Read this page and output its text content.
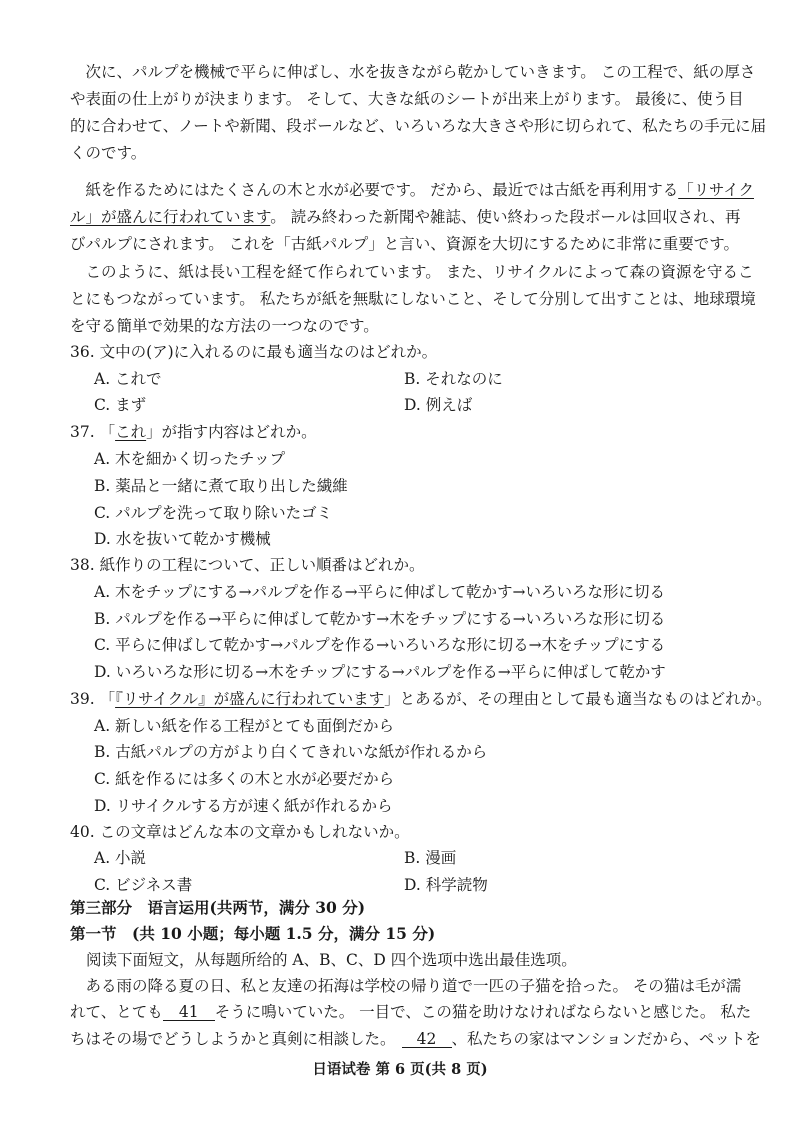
　次に、パルプを機械で平らに伸ばし、水を抜きながら乾かしていきます。 この工程で、紙の厚さ
や表面の仕上がりが決まります。 そして、大きな紙のシートが出来上がります。 最後に、使う目
的に合わせて、ノートや新聞、段ボールなど、いろいろな大きさや形に切られて、私たちの手元に届
くのです。
　紙を作るためにはたくさんの木と水が必要です。 だから、最近では古紙を再利用する「リサイク
ル」が盛んに行われています。 読み終わった新聞や雑誌、使い終わった段ボールは回収され、再
びパルプにされます。 これを「古紙パルプ」と言い、資源を大切にするために非常に重要です。
　このように、紙は長い工程を経て作られています。 また、リサイクルによって森の資源を守るこ
とにもつながっています。 私たちが紙を無駄にしないこと、そして分別して出すことは、地球環境
を守る簡単で効果的な方法の一つなのです。
36. 文中の(ア)に入れるのに最も適当なのはどれか。
A. これで	B. それなのに
C. まず	D. 例えば
37. 「これ」が指す内容はどれか。
A. 木を細かく切ったチップ
B. 薬品と一緒に煮て取り出した繊維
C. パルプを洗って取り除いたゴミ
D. 水を抜いて乾かす機械
38. 紙作りの工程について、正しい順番はどれか。
A. 木をチップにする→パルプを作る→平らに伸ばして乾かす→いろいろな形に切る
B. パルプを作る→平らに伸ばして乾かす→木をチップにする→いろいろな形に切る
C. 平らに伸ばして乾かす→パルプを作る→いろいろな形に切る→木をチップにする
D. いろいろな形に切る→木をチップにする→パルプを作る→平らに伸ばして乾かす
39. 「『リサイクル』が盛んに行われています」とあるが、その理由として最も適当なものはどれか。
A. 新しい紙を作る工程がとても面倒だから
B. 古紙パルプの方がより白くてきれいな紙が作れるから
C. 紙を作るには多くの木と水が必要だから
D. リサイクルする方が速く紙が作れるから
40. この文章はどんな本の文章かもしれないか。
A. 小説	B. 漫画
C. ビジネス書	D. 科学読物
第三部分　语言运用(共两节，满分 30 分)
第一节　(共 10 小题；每小题 1.5 分，满分 15 分)
阅读下面短文，从每题所给的 A、B、C、D 四个选项中选出最佳选项。
　ある雨の降る夏の日、私と友達の拓海は学校の帰り道で一匹の子猫を拾った。 その猫は毛が濡
れて、とても 41 そうに鳴いていた。 一目で、この猫を助けなければならないと感じた。 私た
ちはその場でどうしようかと真剣に相談した。 42 、私たちの家はマンションだから、ペットを
日语试卷 第 6 页(共 8 页)
